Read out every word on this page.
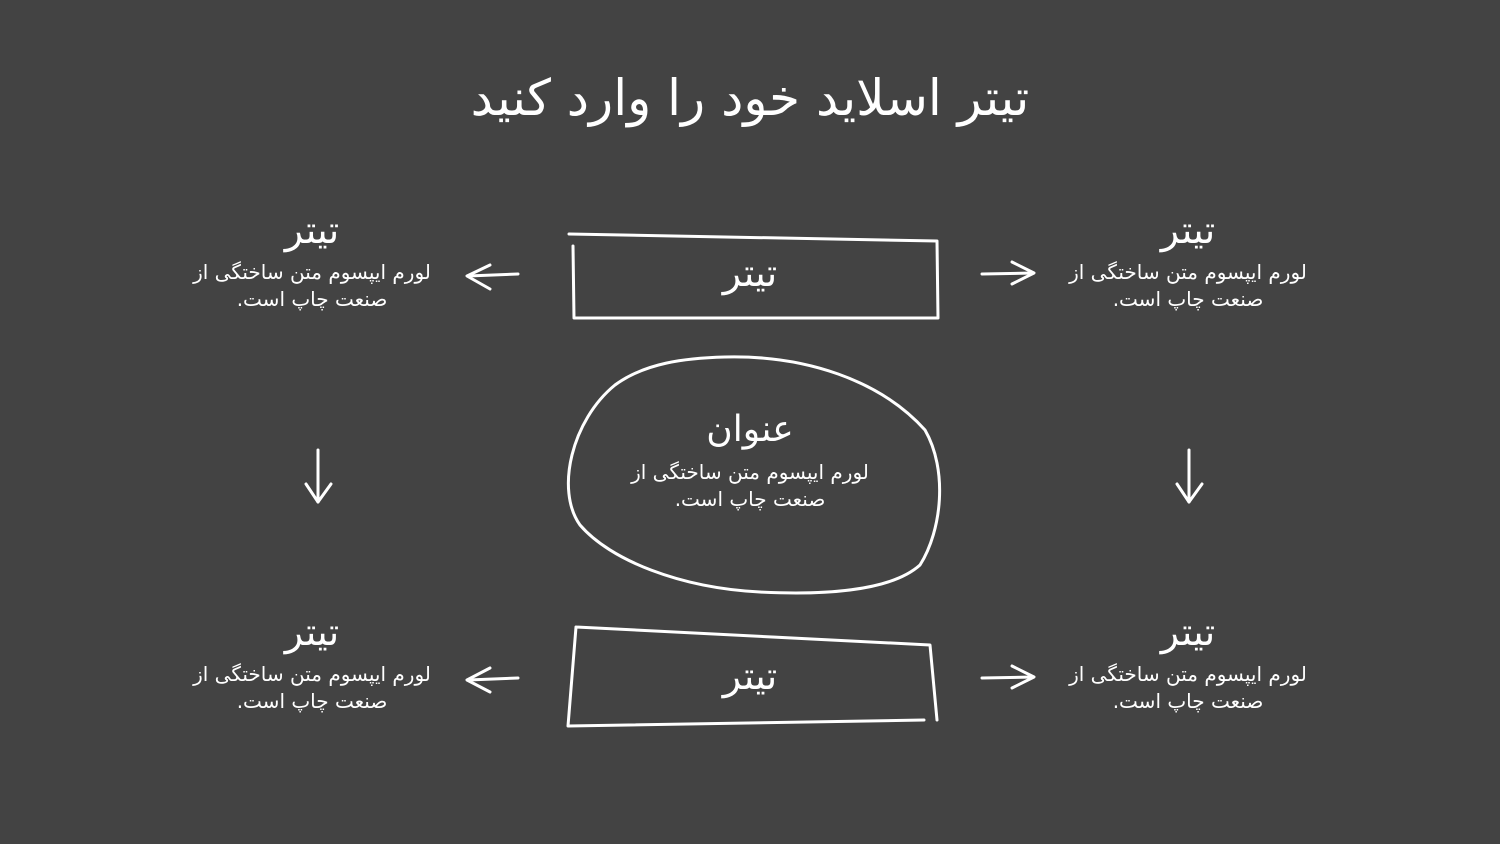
تیتر اسلاید خود را وارد کنید
تیتر
تیتر
عنوان
لورم ایپسوم متن ساختگی از صنعت چاپ است.
تیتر
لورم ایپسوم متن ساختگی از صنعت چاپ است.
تیتر
لورم ایپسوم متن ساختگی از صنعت چاپ است.
تیتر
لورم ایپسوم متن ساختگی از صنعت چاپ است.
تیتر
لورم ایپسوم متن ساختگی از صنعت چاپ است.
